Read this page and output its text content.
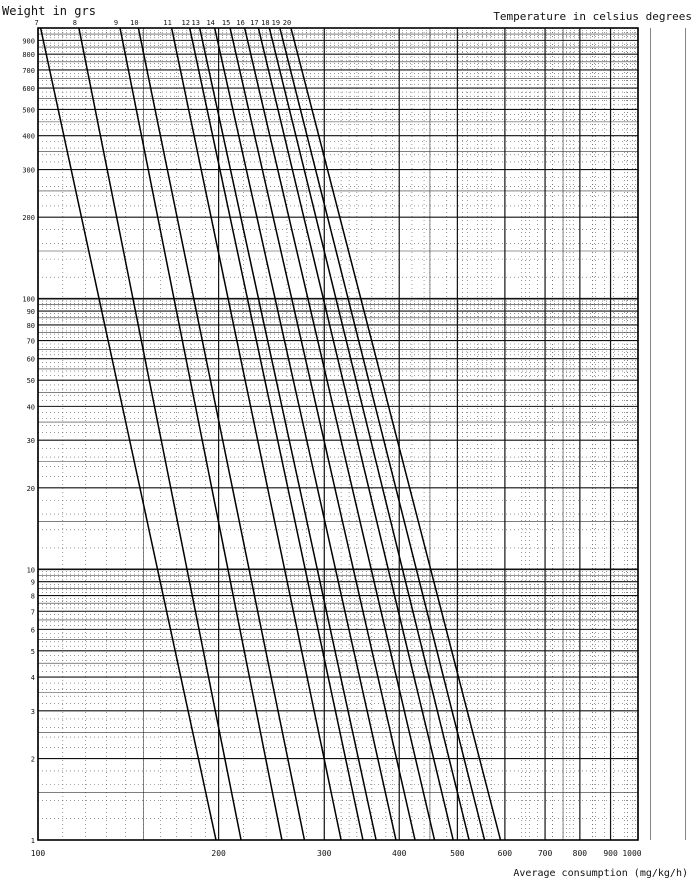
7	8	9 10	11 12 13 14 15 16 17 18 19 20
100	200	300	400	500	600	700	800 900 1000
1
2
3
4
5
6
7
8
9
10
20
30
40
50
60
70
80
90
100
200
300
400
500
600
700
800
900
Weight in grs	Temperature in celsius degrees
Average consumption (mg/kg/h)
